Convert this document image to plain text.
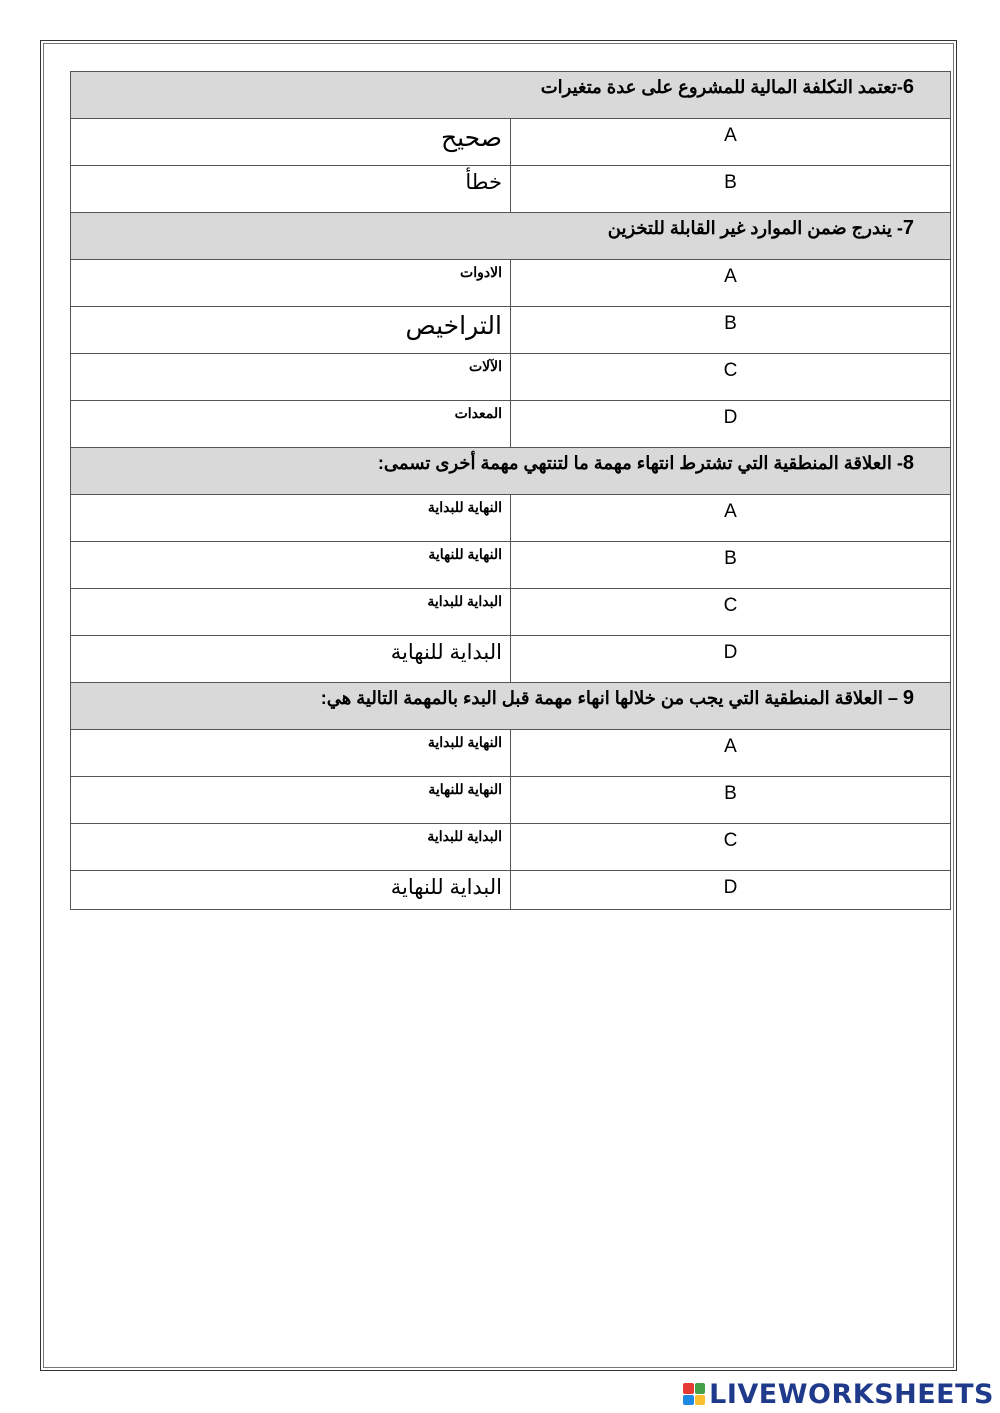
6-تعتمد التكلفة المالية للمشروع على عدة متغيرات	
صحيح	A
خطأ	B
7- يندرج ضمن الموارد غير القابلة للتخزين	
الادوات	A
التراخيص	B
الآلات	C
المعدات	D
8- العلاقة المنطقية التي تشترط انتهاء مهمة ما لتنتهي مهمة أخرى تسمى:	
النهاية للبداية	A
النهاية للنهاية	B
البداية للبداية	C
البداية للنهاية	D
9 – العلاقة المنطقية التي يجب من خلالها انهاء مهمة قبل البدء بالمهمة التالية هي:	
النهاية للبداية	A
النهاية للنهاية	B
البداية للبداية	C
البداية للنهاية	D
LIVEWORKSHEETS
